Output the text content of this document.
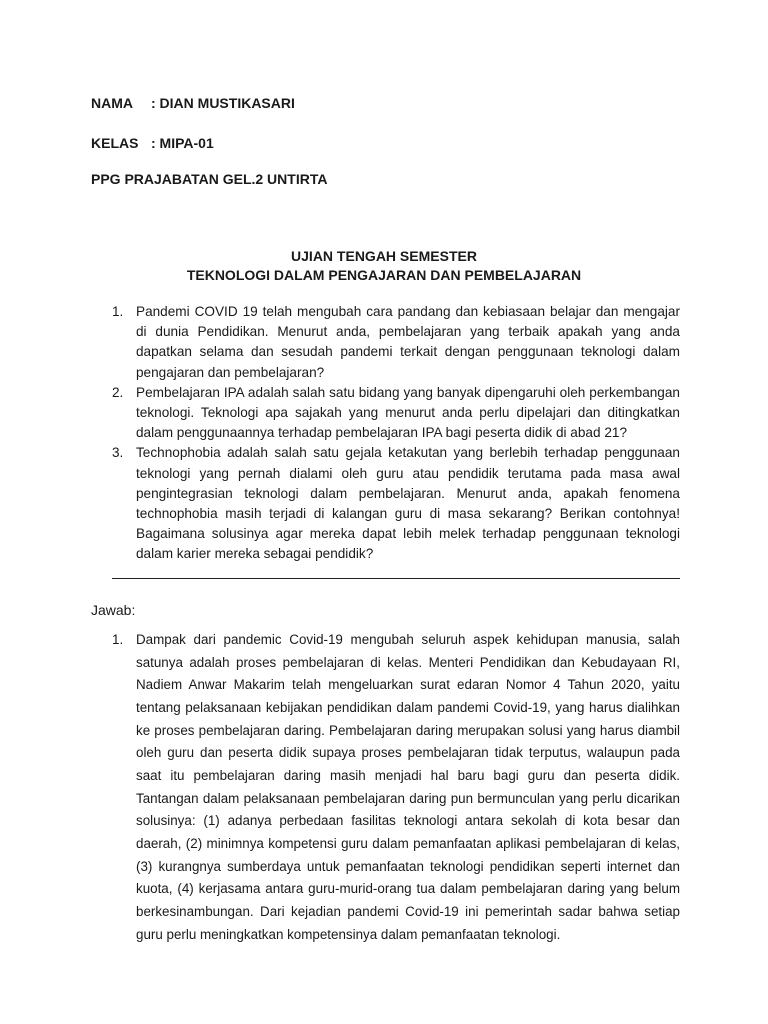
NAMA : DIAN MUSTIKASARI
KELAS : MIPA-01
PPG PRAJABATAN GEL.2 UNTIRTA
UJIAN TENGAH SEMESTER
TEKNOLOGI DALAM PENGAJARAN DAN PEMBELAJARAN
1. Pandemi COVID 19 telah mengubah cara pandang dan kebiasaan belajar dan mengajar di dunia Pendidikan. Menurut anda, pembelajaran yang terbaik apakah yang anda dapatkan selama dan sesudah pandemi terkait dengan penggunaan teknologi dalam pengajaran dan pembelajaran?
2. Pembelajaran IPA adalah salah satu bidang yang banyak dipengaruhi oleh perkembangan teknologi. Teknologi apa sajakah yang menurut anda perlu dipelajari dan ditingkatkan dalam penggunaannya terhadap pembelajaran IPA bagi peserta didik di abad 21?
3. Technophobia adalah salah satu gejala ketakutan yang berlebih terhadap penggunaan teknologi yang pernah dialami oleh guru atau pendidik terutama pada masa awal pengintegrasian teknologi dalam pembelajaran. Menurut anda, apakah fenomena technophobia masih terjadi di kalangan guru di masa sekarang? Berikan contohnya! Bagaimana solusinya agar mereka dapat lebih melek terhadap penggunaan teknologi dalam karier mereka sebagai pendidik?
Jawab:
1. Dampak dari pandemic Covid-19 mengubah seluruh aspek kehidupan manusia, salah satunya adalah proses pembelajaran di kelas. Menteri Pendidikan dan Kebudayaan RI, Nadiem Anwar Makarim telah mengeluarkan surat edaran Nomor 4 Tahun 2020, yaitu tentang pelaksanaan kebijakan pendidikan dalam pandemi Covid-19, yang harus dialihkan ke proses pembelajaran daring. Pembelajaran daring merupakan solusi yang harus diambil oleh guru dan peserta didik supaya proses pembelajaran tidak terputus, walaupun pada saat itu pembelajaran daring masih menjadi hal baru bagi guru dan peserta didik. Tantangan dalam pelaksanaan pembelajaran daring pun bermunculan yang perlu dicarikan solusinya: (1) adanya perbedaan fasilitas teknologi antara sekolah di kota besar dan daerah, (2) minimnya kompetensi guru dalam pemanfaatan aplikasi pembelajaran di kelas, (3) kurangnya sumberdaya untuk pemanfaatan teknologi pendidikan seperti internet dan kuota, (4) kerjasama antara guru-murid-orang tua dalam pembelajaran daring yang belum berkesinambungan. Dari kejadian pandemi Covid-19 ini pemerintah sadar bahwa setiap guru perlu meningkatkan kompetensinya dalam pemanfaatan teknologi.
